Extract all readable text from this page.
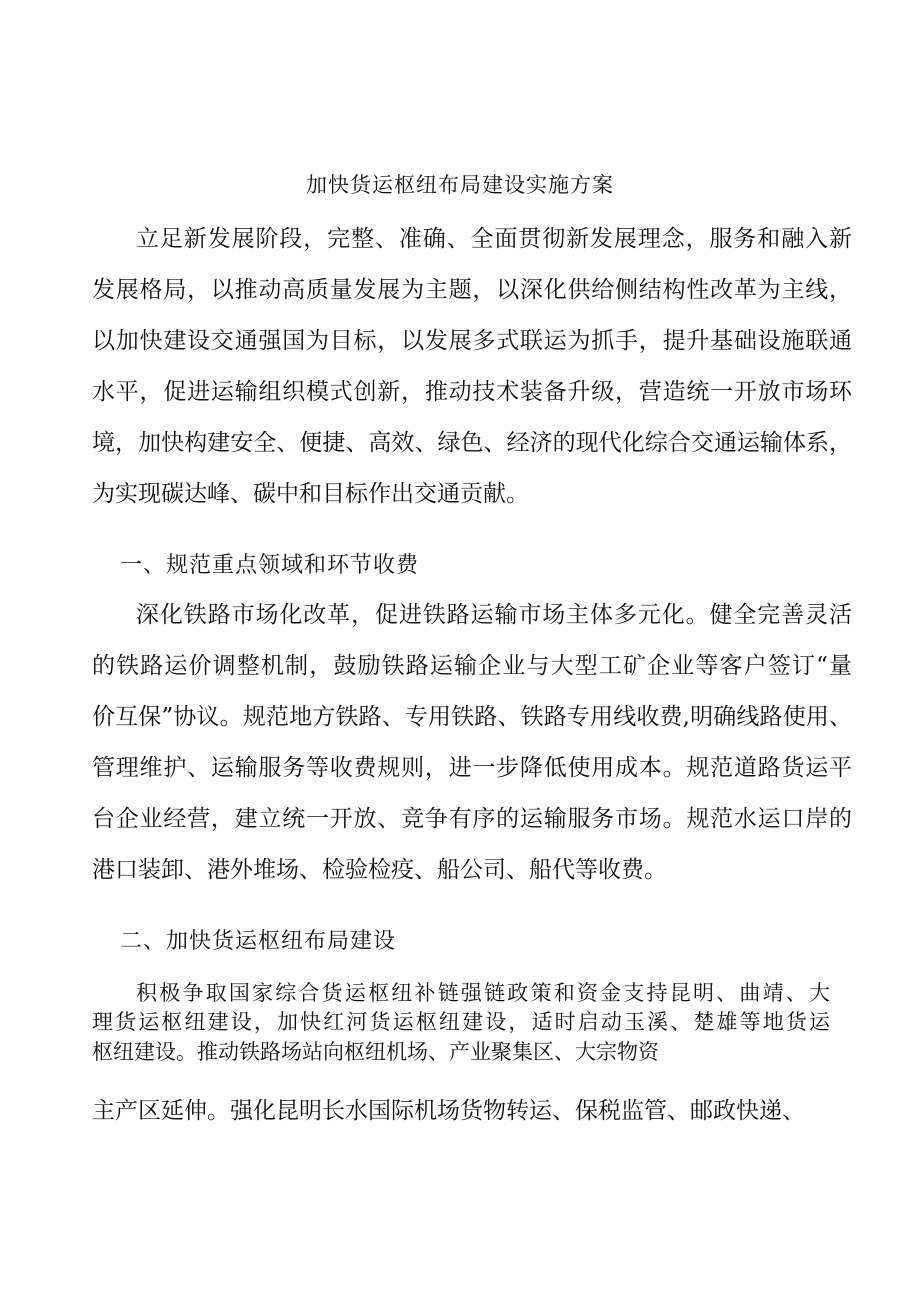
加快货运枢纽布局建设实施方案
立足新发展阶段，完整、准确、全面贯彻新发展理念，服务和融入新
发展格局，以推动高质量发展为主题，以深化供给侧结构性改革为主线，
以加快建设交通强国为目标，以发展多式联运为抓手，提升基础设施联通
水平，促进运输组织模式创新，推动技术装备升级，营造统一开放市场环
境，加快构建安全、便捷、高效、绿色、经济的现代化综合交通运输体系，
为实现碳达峰、碳中和目标作出交通贡献。
一、规范重点领域和环节收费
深化铁路市场化改革，促进铁路运输市场主体多元化。健全完善灵活
的铁路运价调整机制，鼓励铁路运输企业与大型工矿企业等客户签订“量
价互保”协议。规范地方铁路、专用铁路、铁路专用线收费,明确线路使用、
管理维护、运输服务等收费规则，进一步降低使用成本。规范道路货运平
台企业经营，建立统一开放、竞争有序的运输服务市场。规范水运口岸的
港口装卸、港外堆场、检验检疫、船公司、船代等收费。
二、加快货运枢纽布局建设
积极争取国家综合货运枢纽补链强链政策和资金支持昆明、曲靖、大
理货运枢纽建设，加快红河货运枢纽建设，适时启动玉溪、楚雄等地货运
枢纽建设。推动铁路场站向枢纽机场、产业聚集区、大宗物资
主产区延伸。强化昆明长水国际机场货物转运、保税监管、邮政快递、
